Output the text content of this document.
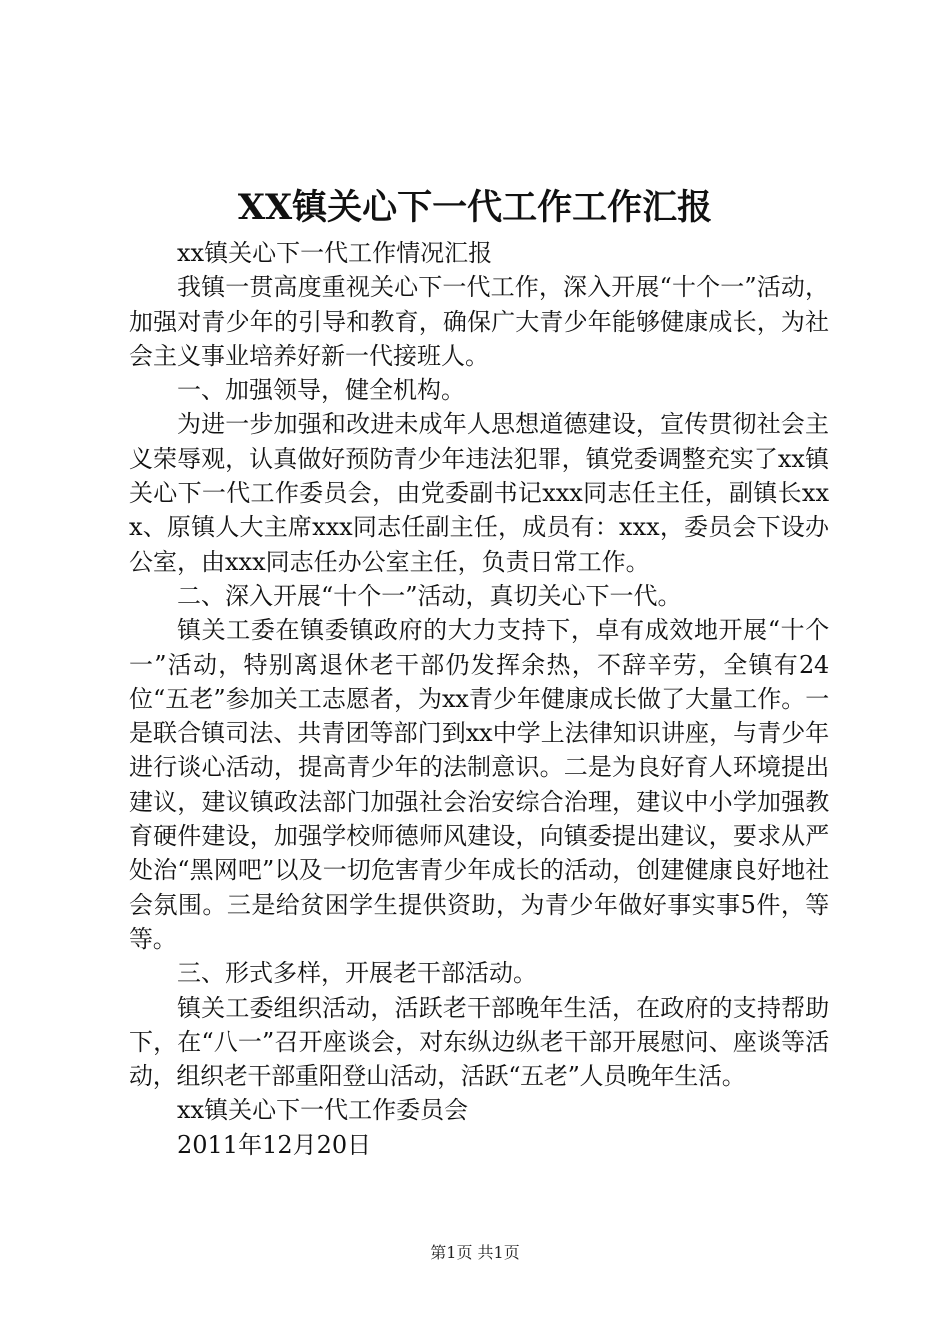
XX镇关心下一代工作工作汇报

xx镇关心下一代工作情况汇报

我镇一贯高度重视关心下一代工作，深入开展“十个一”活动，加强对青少年的引导和教育，确保广大青少年能够健康成长，为社会主义事业培养好新一代接班人。

一、加强领导，健全机构。

为进一步加强和改进未成年人思想道德建设，宣传贯彻社会主义荣辱观，认真做好预防青少年违法犯罪，镇党委调整充实了xx镇关心下一代工作委员会，由党委副书记xxx同志任主任，副镇长xxx、原镇人大主席xxx同志任副主任，成员有：xxx，委员会下设办公室，由xxx同志任办公室主任，负责日常工作。

二、深入开展“十个一”活动，真切关心下一代。

镇关工委在镇委镇政府的大力支持下，卓有成效地开展“十个一”活动，特别离退休老干部仍发挥余热，不辞辛劳，全镇有24位“五老”参加关工志愿者，为xx青少年健康成长做了大量工作。一是联合镇司法、共青团等部门到xx中学上法律知识讲座，与青少年进行谈心活动，提高青少年的法制意识。二是为良好育人环境提出建议，建议镇政法部门加强社会治安综合治理，建议中小学加强教育硬件建设，加强学校师德师风建设，向镇委提出建议，要求从严处治“黑网吧”以及一切危害青少年成长的活动，创建健康良好地社会氛围。三是给贫困学生提供资助，为青少年做好事实事5件，等等。

三、形式多样，开展老干部活动。

镇关工委组织活动，活跃老干部晚年生活，在政府的支持帮助下，在“八一”召开座谈会，对东纵边纵老干部开展慰问、座谈等活动，组织老干部重阳登山活动，活跃“五老”人员晚年生活。

xx镇关心下一代工作委员会

2011年12月20日

第1页 共1页
